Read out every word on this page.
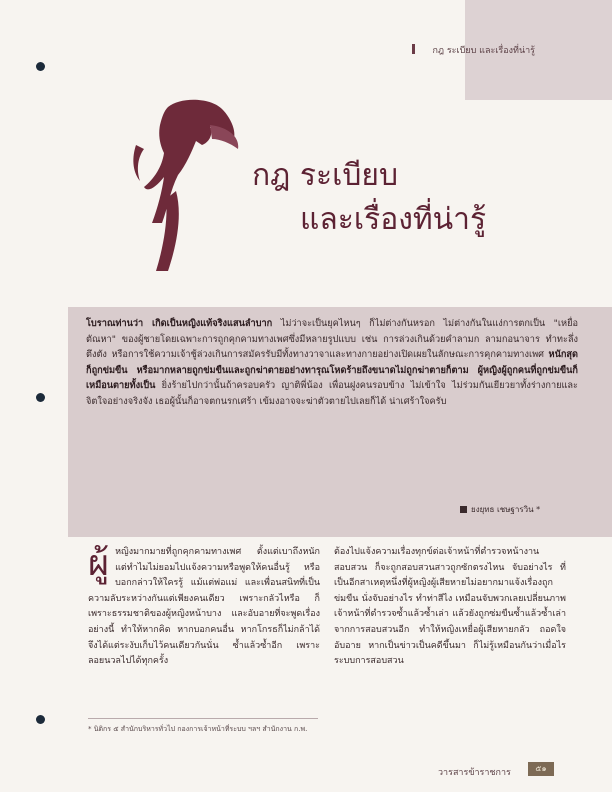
กฎ ระเบียบ และเรื่องที่น่ารู้
กฎ ระเบียบ
และเรื่องที่น่ารู้
โบราณท่านว่า เกิดเป็นหญิงแท้จริงแสนลำบาก ไม่ว่าจะเป็นยุคไหนๆ ก็ไม่ต่างกันหรอก ไม่ต่างกันในแง่การตกเป็น "เหยื่อตัณหา" ของผู้ชายโดยเฉพาะการถูกคุกคามทางเพศซึ่งมีหลายรูปแบบ เช่น การล่วงเกินด้วยคำลามก ลามกอนาจาร ทำทะลึ่งตึงตัง หรือการใช้ความเจ้าชู้ล่วงเกินการสมัครรับมีทั้งทางวาจาและทางกายอย่างเปิดเผยในลักษณะการคุกคามทางเพศ หนักสุดก็ถูกข่มขืน หรือมากหลายถูกข่มขืนและถูกฆ่าตายอย่างทารุณโหดร้ายถึงขนาดไม่ถูกฆ่าตายก็ตาม ผู้หญิงผู้ถูกคนที่ถูกข่มขืนก็เหมือนตายทั้งเป็น ยิ่งร้ายไปกว่านั้นถ้าครอบครัว ญาติพี่น้อง เพื่อนฝูงคนรอบข้าง ไม่เข้าใจ ไม่ร่วมกันเยียวยาทั้งร่างกายและจิตใจอย่างจริงจัง เธอผู้นั้นก็อาจตกนรกเศร้า เข้มงอาจจะฆ่าตัวตายไปเลยก็ได้ น่าเศร้าใจครับ
ยงยุทธ เชษฐารวิน *
ผู้ หญิงมากมายที่ถูกคุกคามทางเพศ ตั้งแต่เบาถึงหนัก แต่ทำไมไม่ยอมไปแจ้งความหรือพูดให้คนอื่นรู้ หรือบอกกล่าวให้ใครรู้ แม้แต่พ่อแม่ และเพื่อนสนิทที่เป็นความลับระหว่างกันแต่เพียงคนเดียว เพราะกลัวไหรือ ก็เพราะธรรมชาติของผู้หญิงหน้าบาง และอับอายที่จะพูดเรื่องอย่างนี้ ทำให้หากคิด หากบอกคนอื่น หากโกรธก็ไม่กล้าได้ จึงได้แต่ระงับเก็บไว้คนเดียวกันนั่น ซ้ำแล้วซ้ำอีก เพราะลอยนวลไปได้ทุกครั้ง
ต้องไปแจ้งความเรื่องทุกข์ต่อเจ้าหน้าที่ตำรวจหน้างานสอบสวน ก็จะถูกสอบสวนสาวถูกซักตรงไหน จับอย่างไร ที่เป็นอีกสาเหตุหนึ่งที่ผู้หญิงผู้เสียหายไม่อยากมาแจ้งเรื่องถูกข่มขืน นั่งจับอย่างไร ทำท่าสีไง เหมือนจับพวกเลยเปลี่ยนภาพเจ้าหน้าที่ตำรวจซ้ำแล้วซ้ำเล่า แล้วยังถูกซ่มขืนซ้ำแล้วซ้ำเล่า จากการสอบสวนอีก ทำให้หญิงเหยื่อผู้เสียหายกลัว ถอดใจ อับอาย หากเป็นข่าวเป็นคดีขึ้นมา ก็ไม่รู้เหมือนกันว่าเมื่อไรระบบการสอบสวน
* นิติกร ๕ สำนักบริหารทั่วไป กองการเจ้าหน้าที่ระบบ ฯลฯ สำนักงาน ก.พ.
วารสารข้าราชการ	๕๑
